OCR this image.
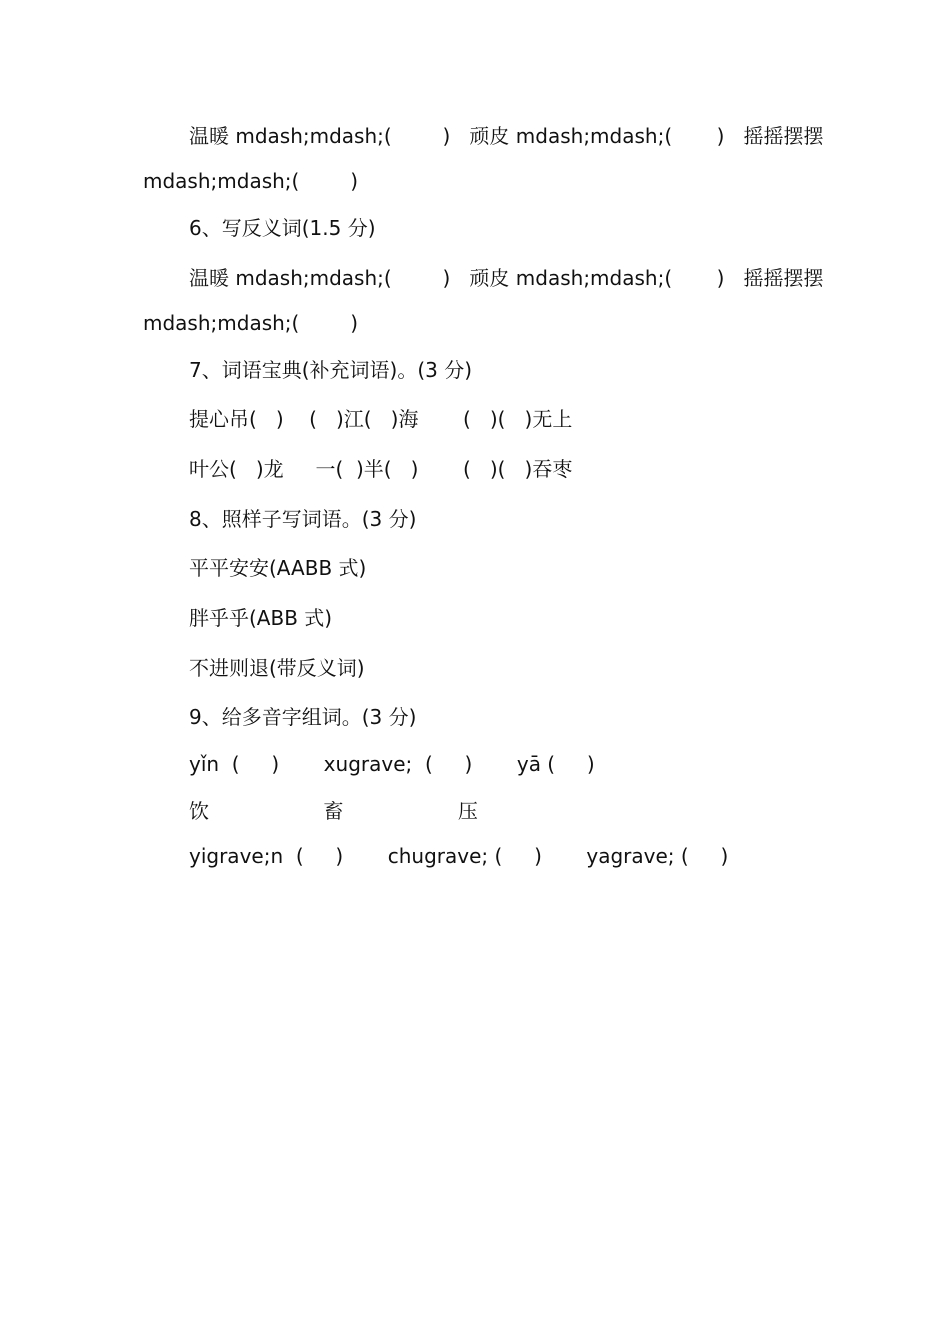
温暖 mdash;mdash;(        )   顽皮 mdash;mdash;(       )   摇摇摆摆

mdash;mdash;(        )

6、写反义词(1.5 分)

温暖 mdash;mdash;(        )   顽皮 mdash;mdash;(       )   摇摇摆摆

mdash;mdash;(        )

7、词语宝典(补充词语)。(3 分)

提心吊(   )    (   )江(   )海       (   )(   )无上

叶公(   )龙     一(  )半(   )       (   )(   )吞枣

8、照样子写词语。(3 分)

平平安安(AABB 式)

胖乎乎(ABB 式)

不进则退(带反义词)

9、给多音字组词。(3 分)

yǐn  (     )       xugrave;  (     )       yā (     )

饮                  畜                  压

yigrave;n  (     )       chugrave; (     )       yagrave; (     )
